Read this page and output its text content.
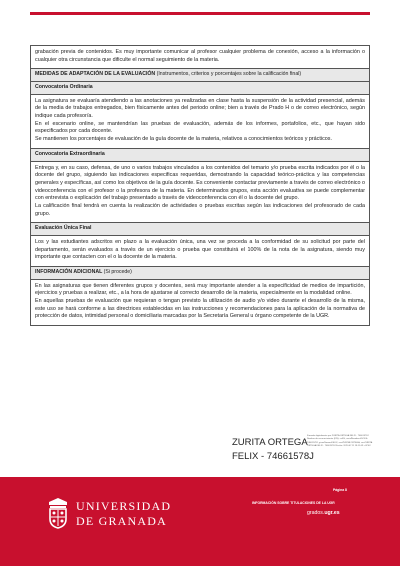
grabación previa de contenidos. Es muy importante comunicar al profesor cualquier problema de conexión, acceso a la información o cualquier otra circunstancia que dificulte el normal seguimiento de la materia.

MEDIDAS DE ADAPTACIÓN DE LA EVALUACIÓN (Instrumentos, criterios y porcentajes sobre la calificación final)
Convocatoria Ordinaria

La asignatura se evaluaría atendiendo a las anotaciones ya realizadas en clase hasta la suspensión de la actividad presencial, además de la media de trabajos entregados, bien físicamente antes del periodo online; bien a través de Prado H o de correo electrónico, según indique cada profesor/a.

En el escenario online, se mantendrían las pruebas de evaluación, además de los informes, portafolios, etc., que hayan sido especificados por cada docente.

Se mantienen los porcentajes de evaluación de la guía docente de la materia, relativos a conocimientos teóricos y prácticos.

Convocatoria Extraordinaria

Entrega y, en su caso, defensa, de uno o varios trabajos vinculados a los contenidos del temario y/o prueba escrita indicados por él o la docente del grupo, siguiendo las indicaciones especificas requeridas, demostrando la capacidad teórico-práctica y las competencias generales y específicas, así como los objetivos de la guía docente. Es conveniente contactar previamente a través de correo electrónico o videoconferencia con el profesor o la profesora de la materia. En determinados grupos, esta acción evaluativa se puede complementar con entrevista o explicación del trabajo presentado a través de videoconferencia con él o la docente del grupo.

La calificación final tendrá en cuenta la realización de actividades o pruebas escritas según las indicaciones del profesorado de cada grupo.

Evaluación Única Final

Los y las estudiantes adscritos en plazo a la evaluación única, una vez se proceda a la conformidad de su solicitud por parte del departamento, serán evaluados a través de un ejercicio o prueba que constituirá el 100% de la nota de la asignatura, siendo muy importante que contacten con el o la docente de la materia.

INFORMACIÓN ADICIONAL (Si procede)

En las asignaturas que tienen diferentes grupos y docentes, será muy importante atender a la especificidad de medios de impartición, ejercicios y pruebas a realizar, etc., a la hora de ajustarse al correcto desarrollo de la materia, especialmente en la modalidad online.

En aquellas pruebas de evaluación que requieran o tengan previsto la utilización de audio y/o video durante el desarrollo de la misma, este uso se hará conforme a las directrices establecidas en las instrucciones y recomendaciones para la aplicación de la normativa de protección de datos, intimidad personal o domiciliaria marcadas por la Secretaría General u órgano competente de la UGR.

ZURITA ORTEGA
FELIX - 74661578J
Firmado digitalmente por ZURITA ORTEGA FELIX - 74661578J Nombre de reconocimiento (DN): c=ES, serialNumber=IDCES-74661578J, givenName=FELIX, sn=ZURITA ORTEGA, cn=ZURITA ORTEGA FELIX - 74661578J Fecha: 2020.07.11 18:11:09 +02'00'
UNIVERSIDAD
DE GRANADA
Página 8
INFORMACIÓN SOBRE TITULACIONES DE LA UGR
grados.ugr.es
